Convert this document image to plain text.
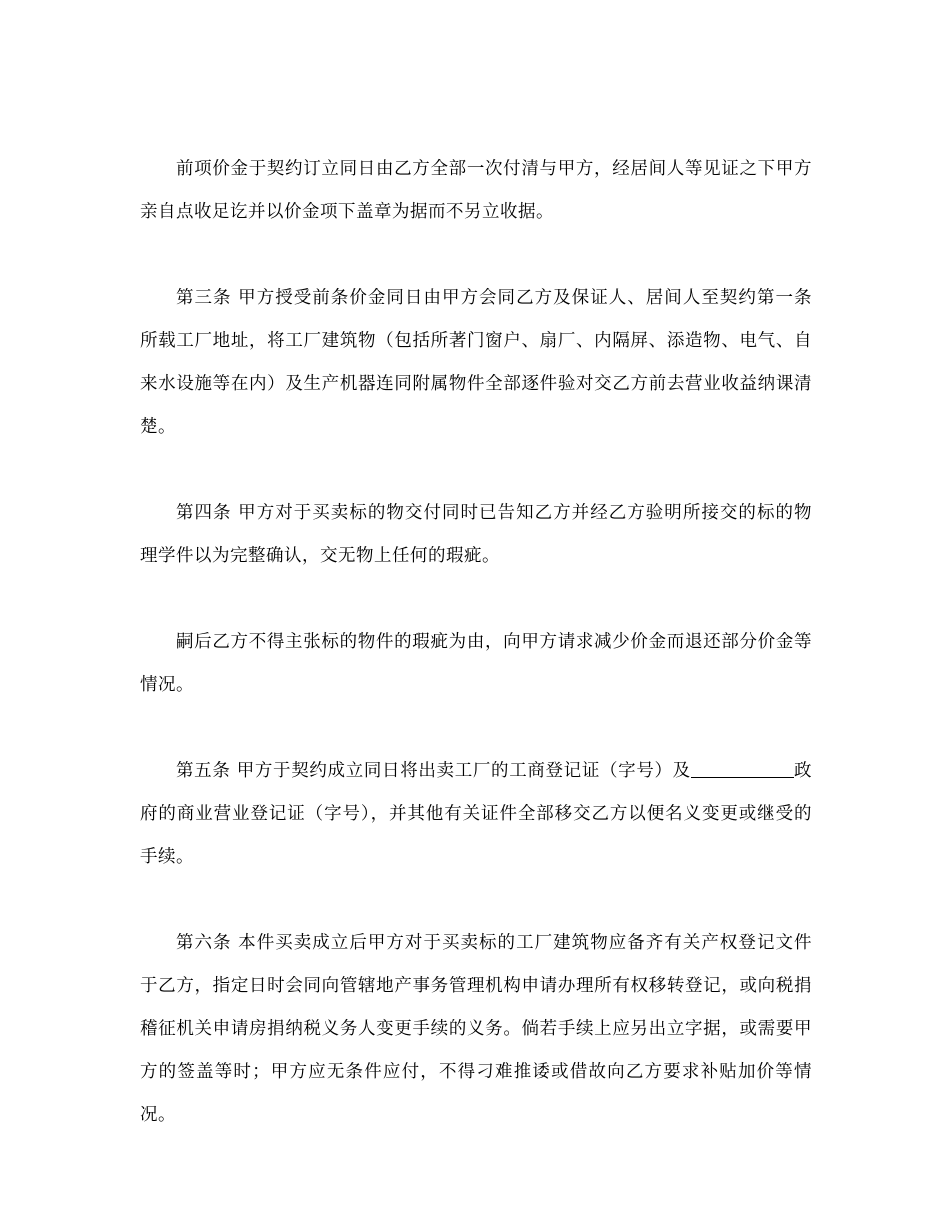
前项价金于契约订立同日由乙方全部一次付清与甲方，经居间人等见证之下甲方亲自点收足讫并以价金项下盖章为据而不另立收据。

第三条 甲方授受前条价金同日由甲方会同乙方及保证人、居间人至契约第一条所载工厂地址，将工厂建筑物（包括所著门窗户、扇厂、内隔屏、添造物、电气、自来水设施等在内）及生产机器连同附属物件全部逐件验对交乙方前去营业收益纳课清楚。

第四条 甲方对于买卖标的物交付同时已告知乙方并经乙方验明所接交的标的物理学件以为完整确认，交无物上任何的瑕疵。

嗣后乙方不得主张标的物件的瑕疵为由，向甲方请求减少价金而退还部分价金等情况。

第五条 甲方于契约成立同日将出卖工厂的工商登记证（字号）及	政府的商业营业登记证（字号），并其他有关证件全部移交乙方以便名义变更或继受的手续。

第六条 本件买卖成立后甲方对于买卖标的工厂建筑物应备齐有关产权登记文件于乙方，指定日时会同向管辖地产事务管理机构申请办理所有权移转登记，或向税捐稽征机关申请房捐纳税义务人变更手续的义务。倘若手续上应另出立字据，或需要甲方的签盖等时；甲方应无条件应付，不得刁难推诿或借故向乙方要求补贴加价等情况。
